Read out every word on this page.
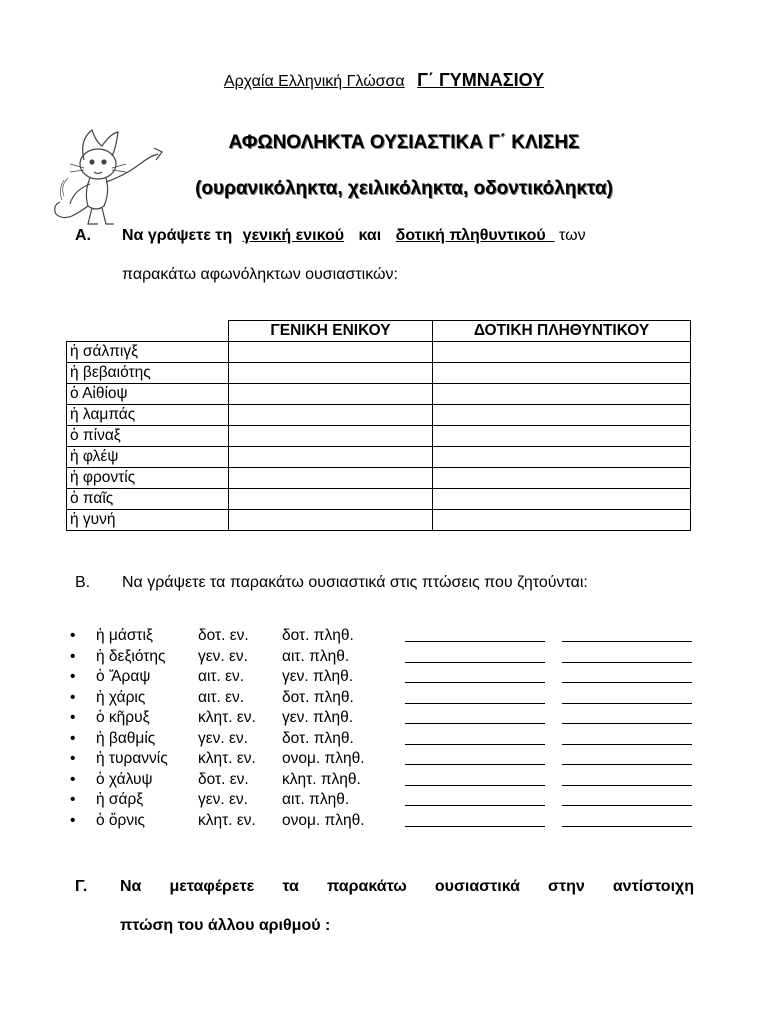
Αρχαία Ελληνική Γλώσσα Γ΄ ΓΥΜΝΑΣΙΟΥ
ΑΦΩΝΟΛΗΚΤΑ ΟΥΣΙΑΣΤΙΚΑ Γ΄ ΚΛΙΣΗΣ
(ουρανικόληκτα, χειλικόληκτα, οδοντικόληκτα)
Α. Να γράψετε τη γενική ενικού και δοτική πληθυντικού των
παρακάτω αφωνόληκτων ουσιαστικών:
	ΓΕΝΙΚΗ ΕΝΙΚΟΥ	ΔΟΤΙΚΗ ΠΛΗΘΥΝΤΙΚΟΥ
ἡ σάλπιγξ		
ἡ βεβαιότης		
ὁ Αἰθίοψ		
ἡ λαμπάς		
ὁ πίναξ		
ἡ φλέψ		
ἡ φροντίς		
ὁ παῖς		
ἡ γυνή		
Β. Να γράψετε τα παρακάτω ουσιαστικά στις πτώσεις που ζητούνται:
• ἡ μάστιξ	δοτ. εν. δοτ. πληθ.
• ἡ δεξιότης γεν. εν. αιτ. πληθ.
• ὁ Ἄραψ	αιτ. εν. γεν. πληθ.
• ἡ χάρις	αιτ. εν. δοτ. πληθ.
• ὁ κῆρυξ	κλητ. εν. γεν. πληθ.
• ἡ βαθμίς	γεν. εν. δοτ. πληθ.
• ἡ τυραννίς κλητ. εν. ονομ. πληθ.
• ὁ χάλυψ	δοτ. εν. κλητ. πληθ.
• ἡ σάρξ	γεν. εν. αιτ. πληθ.
• ὁ ὄρνις	κλητ. εν. ονομ. πληθ.
Γ. Να μεταφέρετε τα παρακάτω ουσιαστικά στην αντίστοιχη
πτώση του άλλου αριθμού :
